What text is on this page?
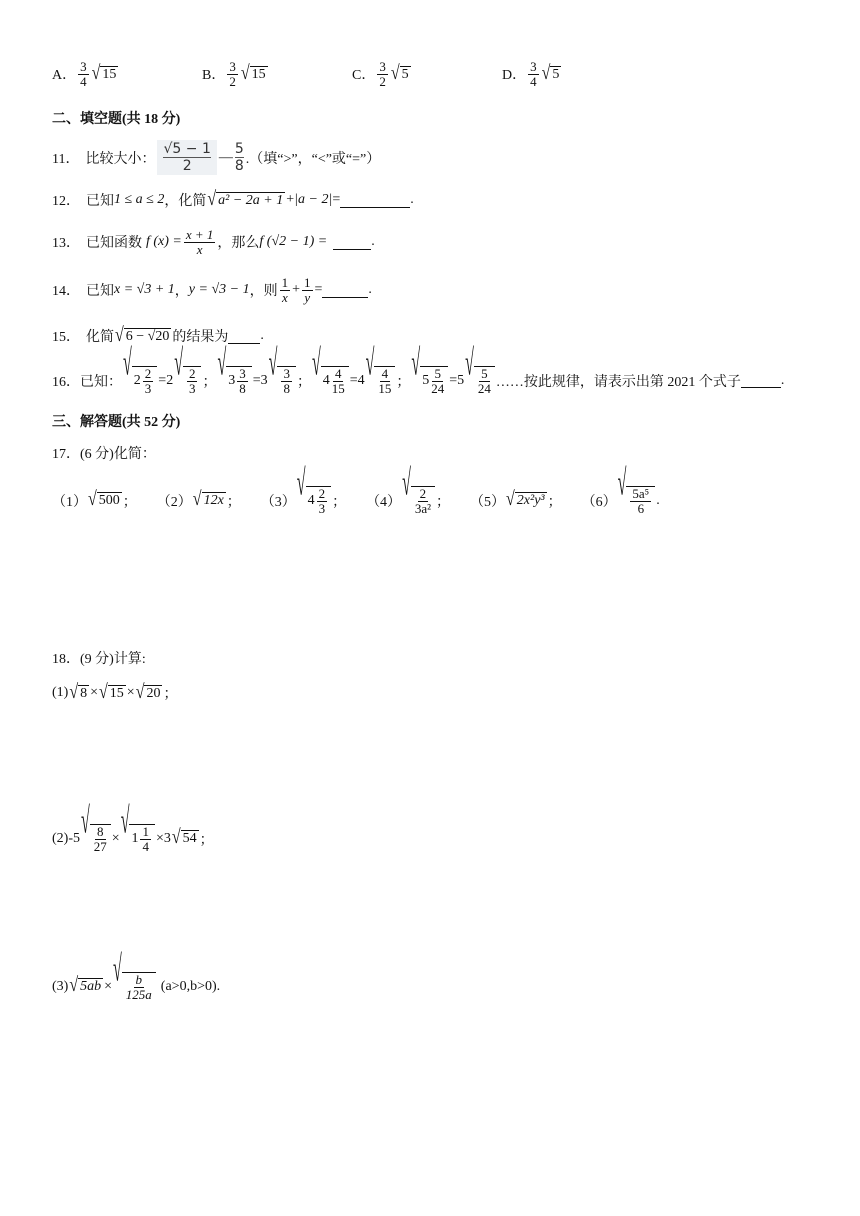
A． $\frac{3}{4}$ √ 15	B． $\frac{3}{2}$ √ 15	C． $\frac{3}{2}$ √ 5	D． $\frac{3}{4}$ √ 5
二、填空题(共 18 分)
11． 比较大小：
√5 − 1
2
— 5
8 .（填“>”，“<”或“=”）
12． 已知 1 ≤ a ≤ 2 ，化简 √ a² − 2a + 1 + |a − 2| =	.
13． 已知函数 f $(x) = \frac{x + 1}{x}$ ，那么 f (√2 − 1) =	.
14． 已知 x = √3 + 1 ， y = √3 − 1 ，则 $\frac{1}{x} + \frac{1}{y}$ =	.
15． 化简 √ 6 − √20 的结果为 .
16． 已知： √ $2 \frac{2}{3} = 2$ √ $\frac{2}{3}$ ； √ $3 \frac{3}{8} = 3$ √ $\frac{3}{8}$ ； √ $4 \frac{4}{15} = 4$ √ $\frac{4}{15}$ ； √ $5 \frac{5}{24} = 5$ √ $\frac{5}{24}$ ……按此规律，请表示出第 2021 个式子	.
三、解答题(共 52 分)
17．(6 分)化简：
（1） √ 500 ； （2） √ 12x ； （3） √ $4 \frac{2}{3}$ ； （4） √ $\frac{2}{\text{3a²}}$ ； （5） √ 2x²y³ ； （6） √ $\frac{\text{5a⁵}}{6}$ .
18．(9 分)计算:
(1) √ 8 × √ 15 × √ 20 ；
(2)-5 √ $\frac{8}{27}$ × √ $1 \frac{1}{4} \times 3$ √ 54 ；
(3) √ 5ab × √ $\frac{b}{125a} (a>0,b>0)$.
